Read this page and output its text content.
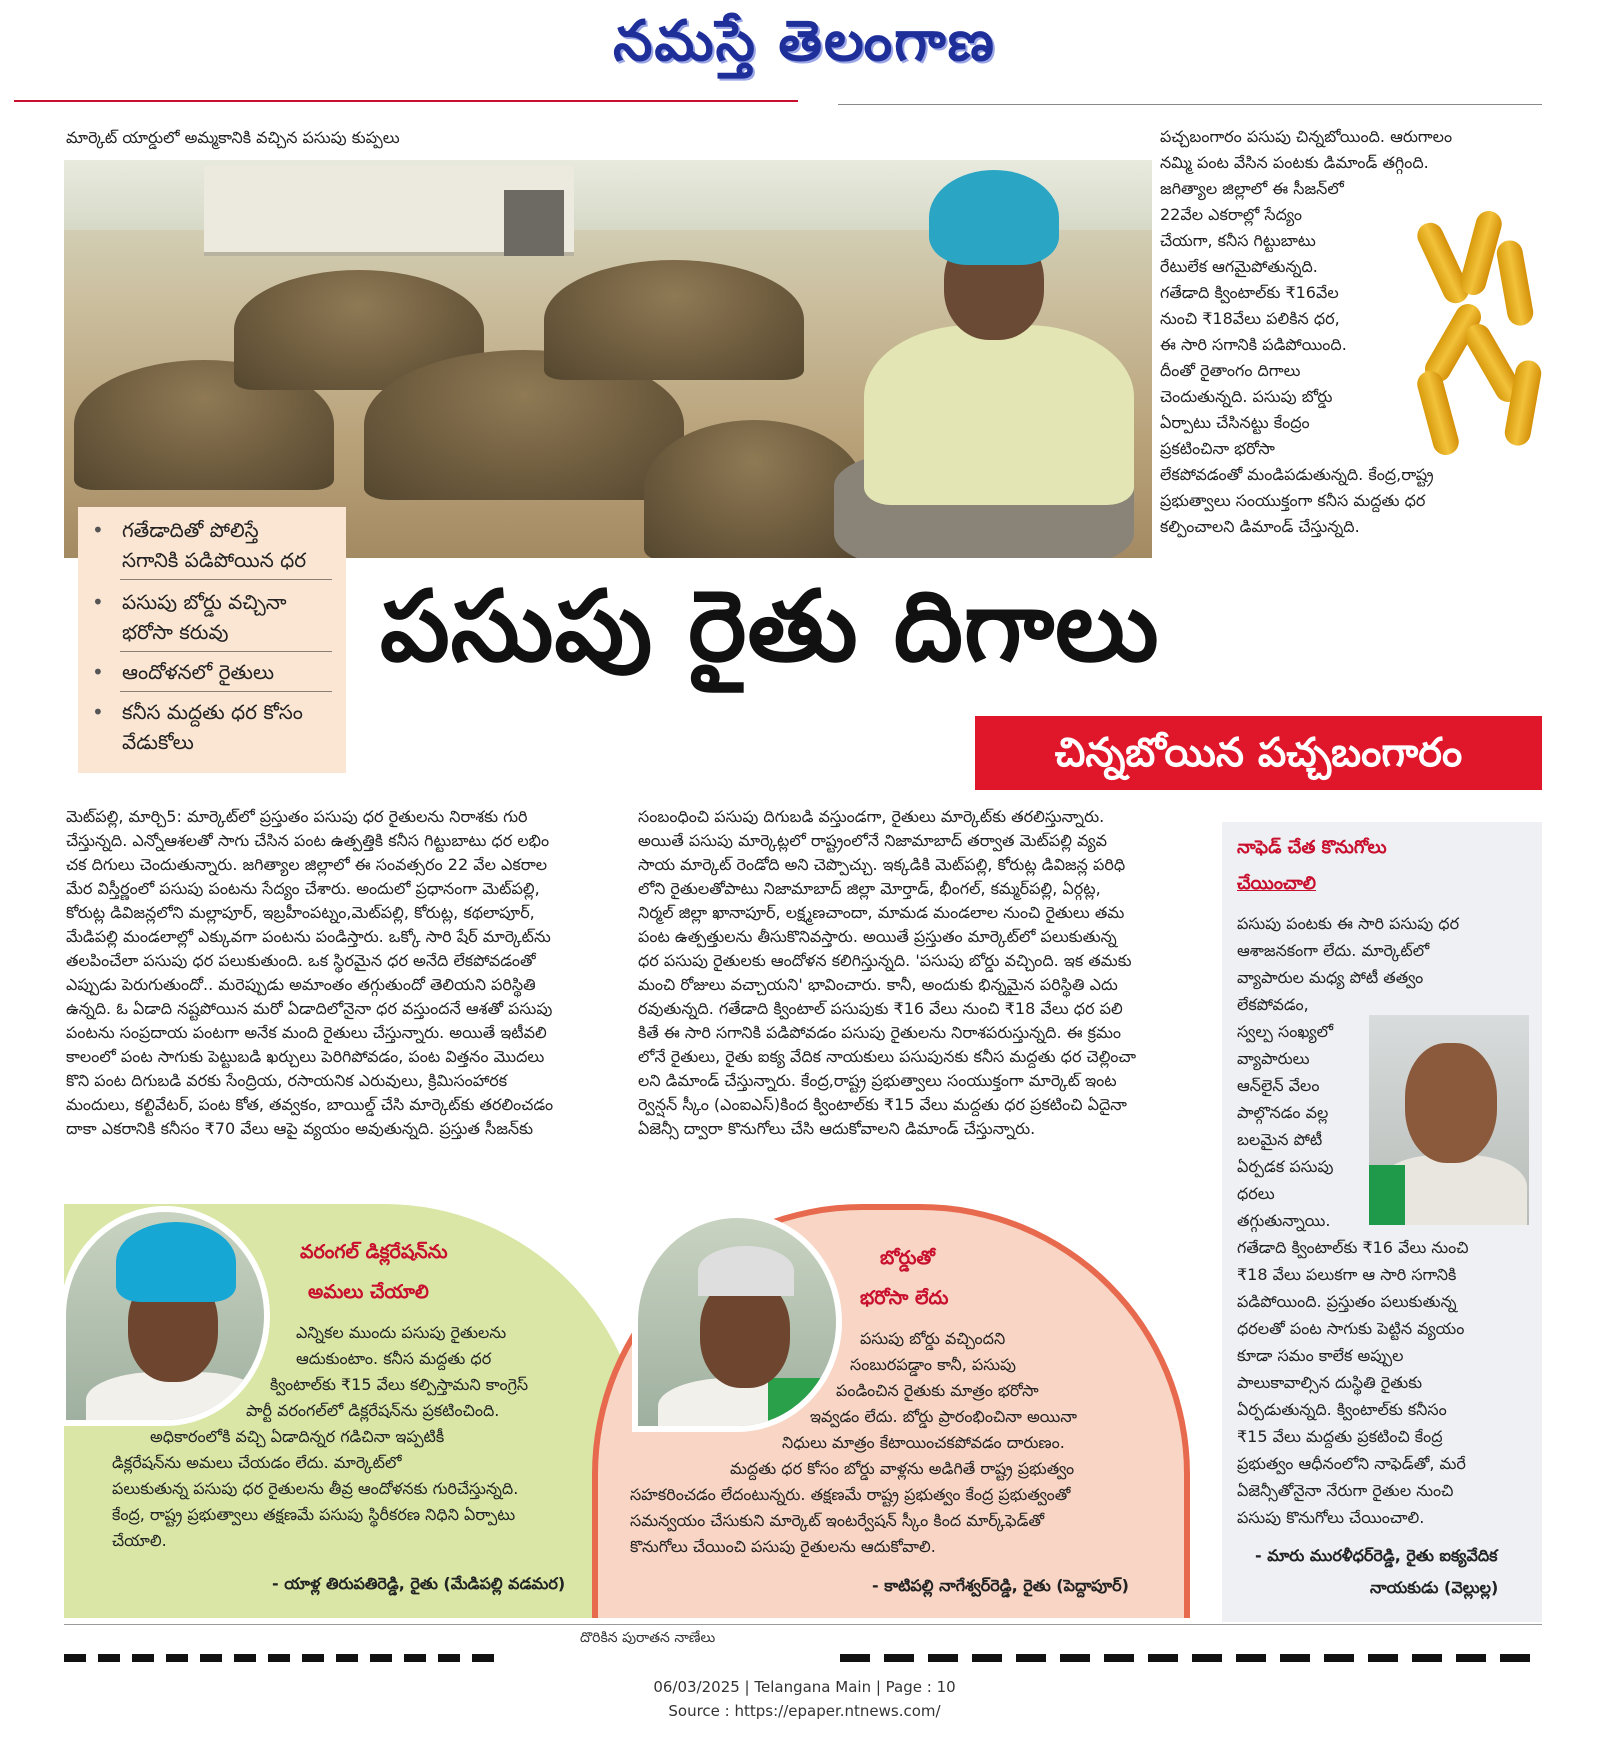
నమస్తే తెలంగాణ
మార్కెట్ యార్డులో అమ్మకానికి వచ్చిన పసుపు కుప్పలు	పచ్చబంగారం పసుపు చిన్నబోయింది. ఆరుగాలం
నమ్మి పంట వేసిన పంటకు డిమాండ్ తగ్గింది.
జగిత్యాల జిల్లాలో ఈ సీజన్‌లో
22వేల ఎకరాల్లో సేద్యం
చేయగా, కనీస గిట్టుబాటు
రేటులేక ఆగమైపోతున్నది.
గతేడాది క్వింటాల్‌కు ₹16వేల
నుంచి ₹18వేలు పలికిన ధర,
ఈ సారి సగానికి పడిపోయింది.
దీంతో రైతాంగం దిగాలు
చెందుతున్నది. పసుపు బోర్డు
ఏర్పాటు చేసినట్టు కేంద్రం
ప్రకటించినా భరోసా
లేకపోవడంతో మండిపడుతున్నది. కేంద్ర,రాష్ట్ర
ప్రభుత్వాలు సంయుక్తంగా కనీస మద్దతు ధర
కల్పించాలని డిమాండ్ చేస్తున్నది.
• గతేడాదితో పోలిస్తే
సగానికి పడిపోయిన ధర
• పసుపు బోర్డు వచ్చినా
భరోసా కరువు
• ఆందోళనలో రైతులు
• కనీస మద్దతు ధర కోసం
వేడుకోలు
పసుపు రైతు దిగాలు
చిన్నబోయిన పచ్చబంగారం
మెట్‌పల్లి, మార్చి5: మార్కెట్‌లో ప్రస్తుతం పసుపు ధర రైతులను నిరాశకు గురి
చేస్తున్నది. ఎన్నోఆశలతో సాగు చేసిన పంట ఉత్పత్తికి కనీస గిట్టుబాటు ధర లభిం
చక దిగులు చెందుతున్నారు. జగిత్యాల జిల్లాలో ఈ సంవత్సరం 22 వేల ఎకరాల
మేర విస్తీర్ణంలో పసుపు పంటను సేద్యం చేశారు. అందులో ప్రధానంగా మెట్‌పల్లి,
కోరుట్ల డివిజన్లలోని మల్లాపూర్, ఇబ్రహీంపట్నం,మెట్‌పల్లి, కోరుట్ల, కథలాపూర్,
మేడిపల్లి మండలాల్లో ఎక్కువగా పంటను పండిస్తారు. ఒక్కో సారి షేర్ మార్కెట్‌ను
తలపించేలా పసుపు ధర పలుకుతుంది. ఒక స్థిరమైన ధర అనేది లేకపోవడంతో
ఎప్పుడు పెరుగుతుందో.. మరెప్పుడు అమాంతం తగ్గుతుందో తెలియని పరిస్థితి
ఉన్నది. ఓ ఏడాది నష్టపోయిన మరో ఏడాదిలోనైనా ధర వస్తుందనే ఆశతో పసుపు
పంటను సంప్రదాయ పంటగా అనేక మంది రైతులు చేస్తున్నారు. అయితే ఇటీవలి
కాలంలో పంట సాగుకు పెట్టుబడి ఖర్చులు పెరిగిపోవడం, పంట విత్తనం మొదలు
కొని పంట దిగుబడి వరకు సేంద్రియ, రసాయనిక ఎరువులు, క్రిమిసంహారక
మందులు, కల్టివేటర్, పంట కోత, తవ్వకం, బాయిల్డ్ చేసి మార్కెట్‌కు తరలించడం
దాకా ఎకరానికి కనీసం ₹70 వేలు ఆపై వ్యయం అవుతున్నది. ప్రస్తుత సీజన్‌కు
సంబంధించి పసుపు దిగుబడి వస్తుండగా, రైతులు మార్కెట్‌కు తరలిస్తున్నారు.
అయితే పసుపు మార్కెట్లలో రాష్ట్రంలోనే నిజామాబాద్ తర్వాత మెట్‌పల్లి వ్యవ
సాయ మార్కెట్ రెండోది అని చెప్పొచ్చు. ఇక్కడికి మెట్‌పల్లి, కోరుట్ల డివిజన్ల పరిధి
లోని రైతులతోపాటు నిజామాబాద్ జిల్లా మోర్తాడ్, భీంగల్, కమ్మర్‌పల్లి, ఏర్గట్ల,
నిర్మల్ జిల్లా ఖానాపూర్, లక్ష్మణచాందా, మామడ మండలాల నుంచి రైతులు తమ
పంట ఉత్పత్తులను తీసుకొనివస్తారు. అయితే ప్రస్తుతం మార్కెట్‌లో పలుకుతున్న
ధర పసుపు రైతులకు ఆందోళన కలిగిస్తున్నది. 'పసుపు బోర్డు వచ్చింది. ఇక తమకు
మంచి రోజులు వచ్చాయని' భావించారు. కానీ, అందుకు భిన్నమైన పరిస్థితి ఎదు
రవుతున్నది. గతేడాది క్వింటాల్ పసుపుకు ₹16 వేలు నుంచి ₹18 వేలు ధర పలి
కితే ఈ సారి సగానికి పడిపోవడం పసుపు రైతులను నిరాశపరుస్తున్నది. ఈ క్రమం
లోనే రైతులు, రైతు ఐక్య వేదిక నాయకులు పసుపునకు కనీస మద్దతు ధర చెల్లించా
లని డిమాండ్ చేస్తున్నారు. కేంద్ర,రాష్ట్ర ప్రభుత్వాలు సంయుక్తంగా మార్కెట్ ఇంట
ర్వెన్షన్ స్కీం (ఎంఐఎస్)కింద క్వింటాల్‌కు ₹15 వేలు మద్దతు ధర ప్రకటించి ఏదైనా
ఏజెన్సీ ద్వారా కొనుగోలు చేసి ఆదుకోవాలని డిమాండ్ చేస్తున్నారు.
నాఫెడ్ చేత కొనుగోలు
చేయించాలి
పసుపు పంటకు ఈ సారి పసుపు ధర
ఆశాజనకంగా లేదు. మార్కెట్‌లో
వ్యాపారుల మధ్య పోటీ తత్వం
లేకపోవడం,
స్వల్ప సంఖ్యలో
వ్యాపారులు
ఆన్‌లైన్ వేలం
పాల్గొనడం వల్ల
బలమైన పోటీ
ఏర్పడక పసుపు
ధరలు
తగ్గుతున్నాయి.
గతేడాది క్వింటాల్‌కు ₹16 వేలు నుంచి
₹18 వేలు పలుకగా ఆ సారి సగానికి
పడిపోయింది. ప్రస్తుతం పలుకుతున్న
ధరలతో పంట సాగుకు పెట్టిన వ్యయం
కూడా సమం కాలేక అప్పుల
పాలుకావాల్సిన దుస్థితి రైతుకు
ఏర్పడుతున్నది. క్వింటాల్‌కు కనీసం
₹15 వేలు మద్దతు ప్రకటించి కేంద్ర
ప్రభుత్వం ఆధీనంలోని నాఫెడ్‌తో, మరే
ఏజెన్సీతోనైనా నేరుగా రైతుల నుంచి
పసుపు కొనుగోలు చేయించాలి.
- మారు మురళీధర్‌రెడ్డి, రైతు ఐక్యవేదిక
నాయకుడు (వెల్లుల్ల)
వరంగల్ డిక్లరేషన్‌ను
అమలు చేయాలి
ఎన్నికల ముందు పసుపు రైతులను
ఆదుకుంటాం. కనీస మద్దతు ధర
క్వింటాల్‌కు ₹15 వేలు కల్పిస్తామని కాంగ్రెస్
పార్టీ వరంగల్‌లో డిక్లరేషన్‌ను ప్రకటించింది.
అధికారంలోకి వచ్చి ఏడాదిన్నర గడిచినా ఇప్పటికీ
డిక్లరేషన్‌ను అమలు చేయడం లేదు. మార్కెట్‌లో
పలుకుతున్న పసుపు ధర రైతులను తీవ్ర ఆందోళనకు గురిచేస్తున్నది.
కేంద్ర, రాష్ట్ర ప్రభుత్వాలు తక్షణమే పసుపు స్థిరీకరణ నిధిని ఏర్పాటు
చేయాలి.
- యాళ్ల తిరుపతిరెడ్డి, రైతు (మేడిపల్లి వడమర)
బోర్డుతో
భరోసా లేదు
పసుపు బోర్డు వచ్చిందని
సంబురపడ్డాం కానీ, పసుపు
పండించిన రైతుకు మాత్రం భరోసా
ఇవ్వడం లేదు. బోర్డు ప్రారంభించినా అయినా
నిధులు మాత్రం కేటాయించకపోవడం దారుణం.
మద్దతు ధర కోసం బోర్డు వాళ్లను అడిగితే రాష్ట్ర ప్రభుత్వం
సహకరించడం లేదంటున్నరు. తక్షణమే రాష్ట్ర ప్రభుత్వం కేంద్ర ప్రభుత్వంతో
సమన్వయం చేసుకుని మార్కెట్ ఇంటర్వేషన్ స్కీం కింద మార్క్‌ఫెడ్‌తో
కొనుగోలు చేయించి పసుపు రైతులను ఆదుకోవాలి.
- కాటిపల్లి నాగేశ్వర్‌రెడ్డి, రైతు (పెద్దాపూర్)
దొరికిన పురాతన నాణేలు
06/03/2025 | Telangana Main | Page : 10
Source : https://epaper.ntnews.com/
